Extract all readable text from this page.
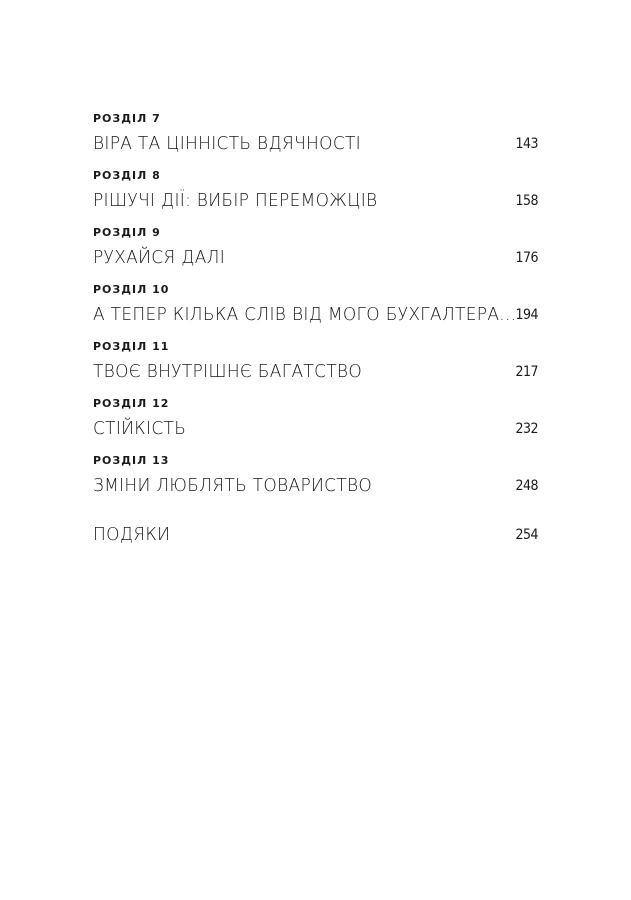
РОЗДІЛ 7
ВІРА ТА ЦІННІСТЬ ВДЯЧНОСТІ	143
РОЗДІЛ 8
РІШУЧІ ДІЇ: ВИБІР ПЕРЕМОЖЦІВ	158
РОЗДІЛ 9
РУХАЙСЯ ДАЛІ	176
РОЗДІЛ 10
А ТЕПЕР КІЛЬКА СЛІВ ВІД МОГО БУХГАЛТЕРА... 194
РОЗДІЛ 11
ТВОЄ ВНУТРІШНЄ БАГАТСТВО	217
РОЗДІЛ 12
СТІЙКІСТЬ	232
РОЗДІЛ 13
ЗМІНИ ЛЮБЛЯТЬ ТОВАРИСТВО	248
ПОДЯКИ	254
